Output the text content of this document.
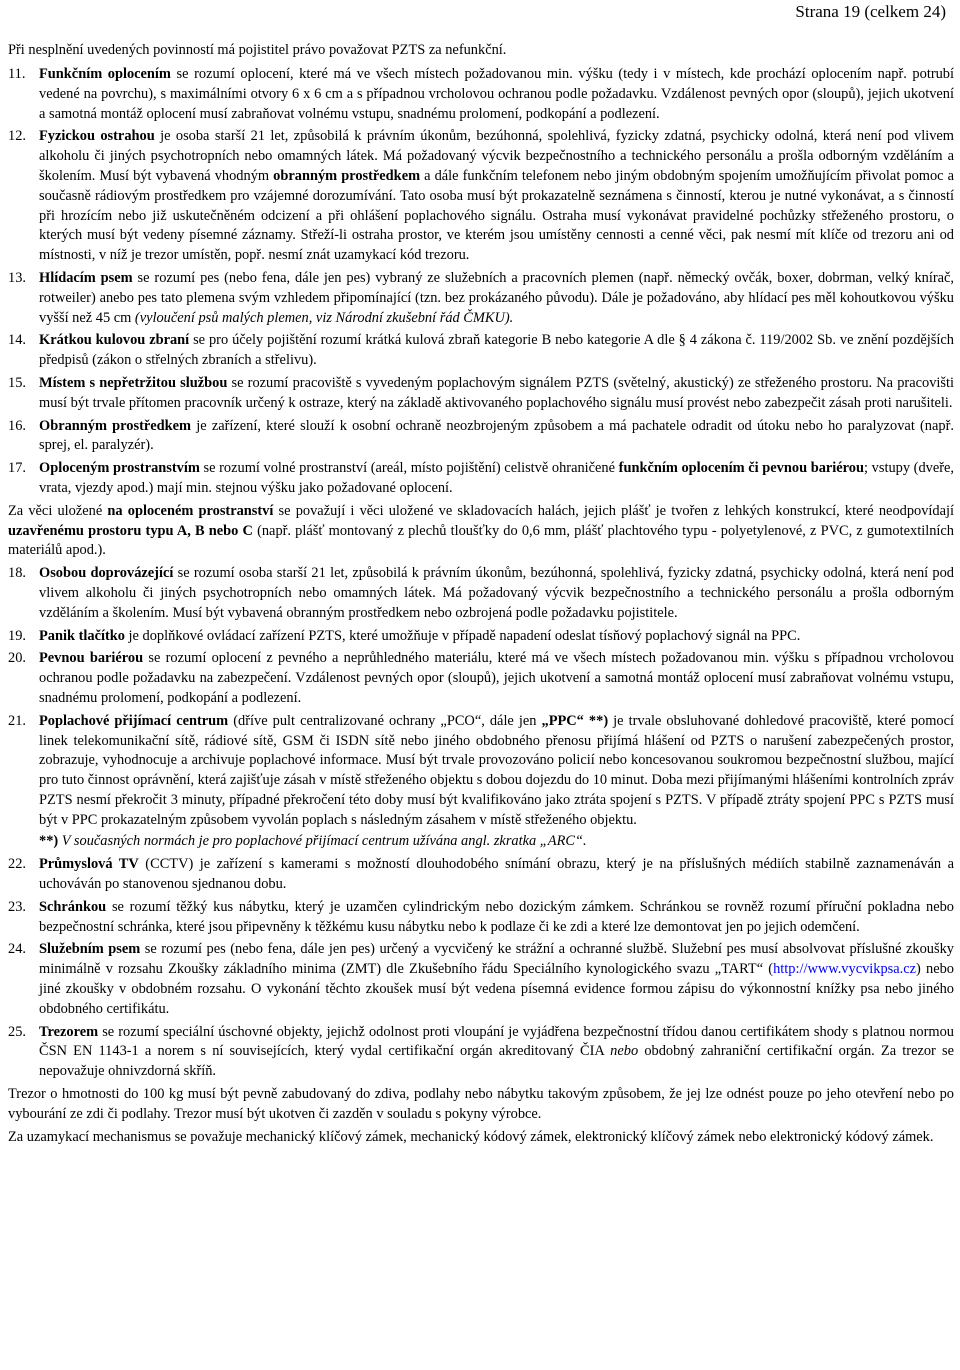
Strana 19 (celkem 24)
Při nesplnění uvedených povinností má pojistitel právo považovat PZTS za nefunkční.
11. Funkčním oplocením se rozumí oplocení, které má ve všech místech požadovanou min. výšku (tedy i v místech, kde prochází oplocením např. potrubí vedené na povrchu), s maximálními otvory 6 x 6 cm a s případnou vrcholovou ochranou podle požadavku. Vzdálenost pevných opor (sloupů), jejich ukotvení a samotná montáž oplocení musí zabraňovat volnému vstupu, snadnému prolomení, podkopání a podlezení.
12. Fyzickou ostrahou je osoba starší 21 let, způsobilá k právním úkonům, bezúhonná, spolehlivá, fyzicky zdatná, psychicky odolná, která není pod vlivem alkoholu či jiných psychotropních nebo omamných látek. Má požadovaný výcvik bezpečnostního a technického personálu a prošla odborným vzděláním a školením. Musí být vybavená vhodným obranným prostředkem a dále funkčním telefonem nebo jiným obdobným spojením umožňujícím přivolat pomoc a současně rádiovým prostředkem pro vzájemné dorozumívání. Tato osoba musí být prokazatelně seznámena s činností, kterou je nutné vykonávat, a s činností při hrozícím nebo již uskutečněném odcizení a při ohlášení poplachového signálu. Ostraha musí vykonávat pravidelné pochůzky střeženého prostoru, o kterých musí být vedeny písemné záznamy. Střeží-li ostraha prostor, ve kterém jsou umístěny cennosti a cenné věci, pak nesmí mít klíče od trezoru ani od místnosti, v níž je trezor umístěn, popř. nesmí znát uzamykací kód trezoru.
13. Hlídacím psem se rozumí pes (nebo fena, dále jen pes) vybraný ze služebních a pracovních plemen (např. německý ovčák, boxer, dobrman, velký knírač, rotweiler) anebo pes tato plemena svým vzhledem připomínající (tzn. bez prokázaného původu). Dále je požadováno, aby hlídací pes měl kohoutkovou výšku vyšší než 45 cm (vyloučení psů malých plemen, viz Národní zkušební řád ČMKU).
14. Krátkou kulovou zbraní se pro účely pojištění rozumí krátká kulová zbraň kategorie B nebo kategorie A dle § 4 zákona č. 119/2002 Sb. ve znění pozdějších předpisů (zákon o střelných zbraních a střelivu).
15. Místem s nepřetržitou službou se rozumí pracoviště s vyvedeným poplachovým signálem PZTS (světelný, akustický) ze střeženého prostoru. Na pracovišti musí být trvale přítomen pracovník určený k ostraze, který na základě aktivovaného poplachového signálu musí provést nebo zabezpečit zásah proti narušiteli.
16. Obranným prostředkem je zařízení, které slouží k osobní ochraně neozbrojeným způsobem a má pachatele odradit od útoku nebo ho paralyzovat (např. sprej, el. paralyzér).
17. Oploceným prostranstvím se rozumí volné prostranství (areál, místo pojištění) celistvě ohraničené funkčním oplocením či pevnou bariérou; vstupy (dveře, vrata, vjezdy apod.) mají min. stejnou výšku jako požadované oplocení.
Za věci uložené na oploceném prostranství se považují i věci uložené ve skladovacích halách, jejich plášť je tvořen z lehkých konstrukcí, které neodpovídají uzavřenému prostoru typu A, B nebo C (např. plášť montovaný z plechů tloušťky do 0,6 mm, plášť plachtového typu - polyetylenové, z PVC, z gumotextilních materiálů apod.).
18. Osobou doprovázející se rozumí osoba starší 21 let, způsobilá k právním úkonům, bezúhonná, spolehlivá, fyzicky zdatná, psychicky odolná, která není pod vlivem alkoholu či jiných psychotropních nebo omamných látek. Má požadovaný výcvik bezpečnostního a technického personálu a prošla odborným vzděláním a školením. Musí být vybavená obranným prostředkem nebo ozbrojená podle požadavku pojistitele.
19. Panik tlačítko je doplňkové ovládací zařízení PZTS, které umožňuje v případě napadení odeslat tísňový poplachový signál na PPC.
20. Pevnou bariérou se rozumí oplocení z pevného a neprůhledného materiálu, které má ve všech místech požadovanou min. výšku s případnou vrcholovou ochranou podle požadavku na zabezpečení. Vzdálenost pevných opor (sloupů), jejich ukotvení a samotná montáž oplocení musí zabraňovat volnému vstupu, snadnému prolomení, podkopání a podlezení.
21. Poplachové přijímací centrum (dříve pult centralizované ochrany „PCO“, dále jen „PPC“ **) je trvale obsluhované dohledové pracoviště, které pomocí linek telekomunikační sítě, rádiové sítě, GSM či ISDN sítě nebo jiného obdobného přenosu přijímá hlášení od PZTS o narušení zabezpečených prostor, zobrazuje, vyhodnocuje a archivuje poplachové informace. Musí být trvale provozováno policií nebo koncesovanou soukromou bezpečnostní službou, mající pro tuto činnost oprávnění, která zajišťuje zásah v místě střeženého objektu s dobou dojezdu do 10 minut. Doba mezi přijímanými hlášeními kontrolních zpráv PZTS nesmí překročit 3 minuty, případné překročení této doby musí být kvalifikováno jako ztráta spojení s PZTS. V případě ztráty spojení PPC s PZTS musí být v PPC prokazatelným způsobem vyvolán poplach s následným zásahem v místě střeženého objektu.
**) V současných normách je pro poplachové přijímací centrum užívána angl. zkratka „ARC“.
22. Průmyslová TV (CCTV) je zařízení s kamerami s možností dlouhodobého snímání obrazu, který je na příslušných médiích stabilně zaznamenáván a uchováván po stanovenou sjednanou dobu.
23. Schránkou se rozumí těžký kus nábytku, který je uzamčen cylindrickým nebo dozickým zámkem. Schránkou se rovněž rozumí příruční pokladna nebo bezpečnostní schránka, které jsou připevněny k těžkému kusu nábytku nebo k podlaze či ke zdi a které lze demontovat jen po jejich odemčení.
24. Služebním psem se rozumí pes (nebo fena, dále jen pes) určený a vycvičený ke strážní a ochranné službě. Služební pes musí absolvovat příslušné zkoušky minimálně v rozsahu Zkoušky základního minima (ZMT) dle Zkušebního řádu Speciálního kynologického svazu „TART“ (http://www.vycvikpsa.cz) nebo jiné zkoušky v obdobném rozsahu. O vykonání těchto zkoušek musí být vedena písemná evidence formou zápisu do výkonnostní knížky psa nebo jiného obdobného certifikátu.
25. Trezorem se rozumí speciální úschovné objekty, jejichž odolnost proti vloupání je vyjádřena bezpečnostní třídou danou certifikátem shody s platnou normou ČSN EN 1143-1 a norem s ní souvisejících, který vydal certifikační orgán akreditovaný ČIA nebo obdobný zahraniční certifikační orgán. Za trezor se nepovažuje ohnivzdorná skříň.
Trezor o hmotnosti do 100 kg musí být pevně zabudovaný do zdiva, podlahy nebo nábytku takovým způsobem, že jej lze odnést pouze po jeho otevření nebo po vybourání ze zdi či podlahy. Trezor musí být ukotven či zazděn v souladu s pokyny výrobce.
Za uzamykací mechanismus se považuje mechanický klíčový zámek, mechanický kódový zámek, elektronický klíčový zámek nebo elektronický kódový zámek.
